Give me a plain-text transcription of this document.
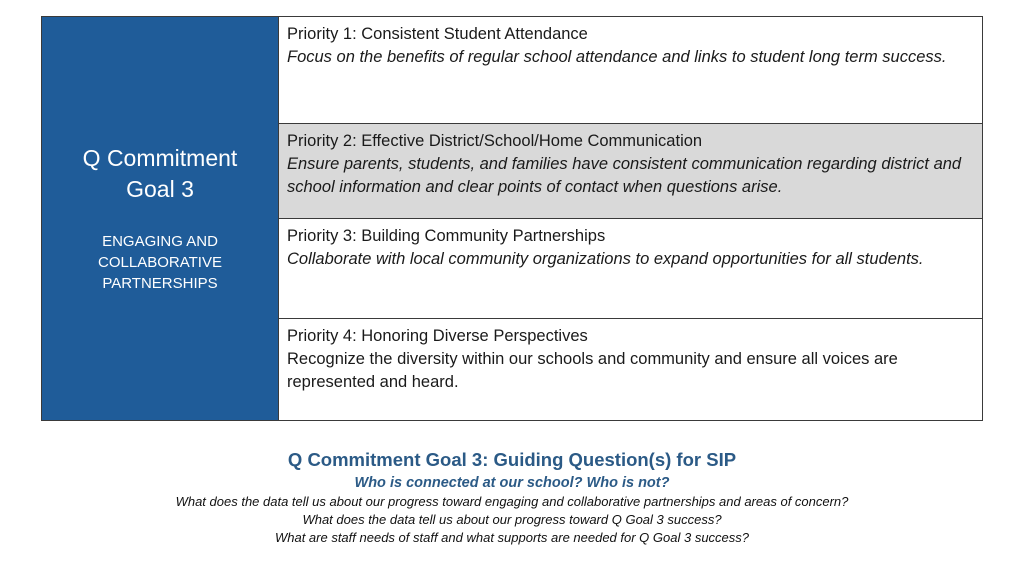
Q Commitment Goal 3
ENGAGING AND COLLABORATIVE PARTNERSHIPS
Priority 1: Consistent Student Attendance
Focus on the benefits of regular school attendance and links to student long term success.
Priority 2: Effective District/School/Home Communication
Ensure parents, students, and families have consistent communication regarding district and school information and clear points of contact when questions arise.
Priority 3: Building Community Partnerships
Collaborate with local community organizations to expand opportunities for all students.
Priority 4: Honoring Diverse Perspectives
Recognize the diversity within our schools and community and ensure all voices are represented and heard.
Q Commitment Goal 3: Guiding Question(s) for SIP
Who is connected at our school? Who is not?
What does the data tell us about our progress toward engaging and collaborative partnerships and areas of concern?
What does the data tell us about our progress toward Q Goal 3 success?
What are staff needs of staff and what supports are needed for Q Goal 3 success?
